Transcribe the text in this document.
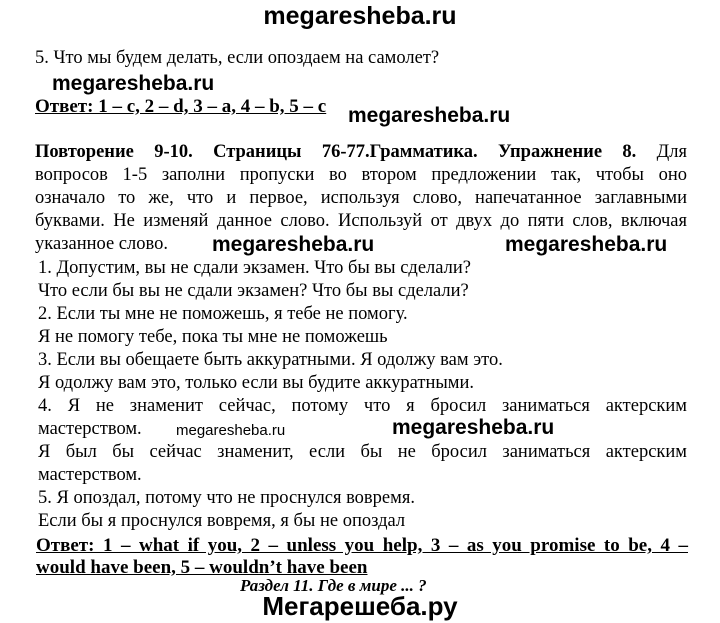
megaresheba.ru
5. Что мы будем делать, если опоздаем на самолет?
megaresheba.ru
Ответ: 1 – c, 2 – d, 3 – a, 4 – b, 5 – c megaresheba.ru
Повторение 9-10. Страницы 76-77.Грамматика. Упражнение 8. Для
вопросов 1-5 заполни пропуски во втором предложении так, чтобы оно
означало то же, что и первое, используя слово, напечатанное заглавными
буквами. Не изменяй данное слово. Используй от двух до пяти слов, включая
указанное слово. megaresheba.ru	megaresheba.ru
1. Допустим, вы не сдали экзамен. Что бы вы сделали?
Что если бы вы не сдали экзамен? Что бы вы сделали?
2. Если ты мне не поможешь, я тебе не помогу.
Я не помогу тебе, пока ты мне не поможешь
3. Если вы обещаете быть аккуратными. Я одолжу вам это.
Я одолжу вам это, только если вы будите аккуратными.
4. Я не знаменит сейчас, потому что я бросил заниматься актерским
мастерством. megaresheba.ru	megaresheba.ru
Я был бы сейчас знаменит, если бы не бросил заниматься актерским
мастерством.
5. Я опоздал, потому что не проснулся вовремя.
Если бы я проснулся вовремя, я бы не опоздал
Ответ: 1 – what if you, 2 – unless you help, 3 – as you promise to be, 4 –
would have been, 5 – wouldn’t have been
Раздел 11. Где в мире ... ?
Мегарешеба.ру
